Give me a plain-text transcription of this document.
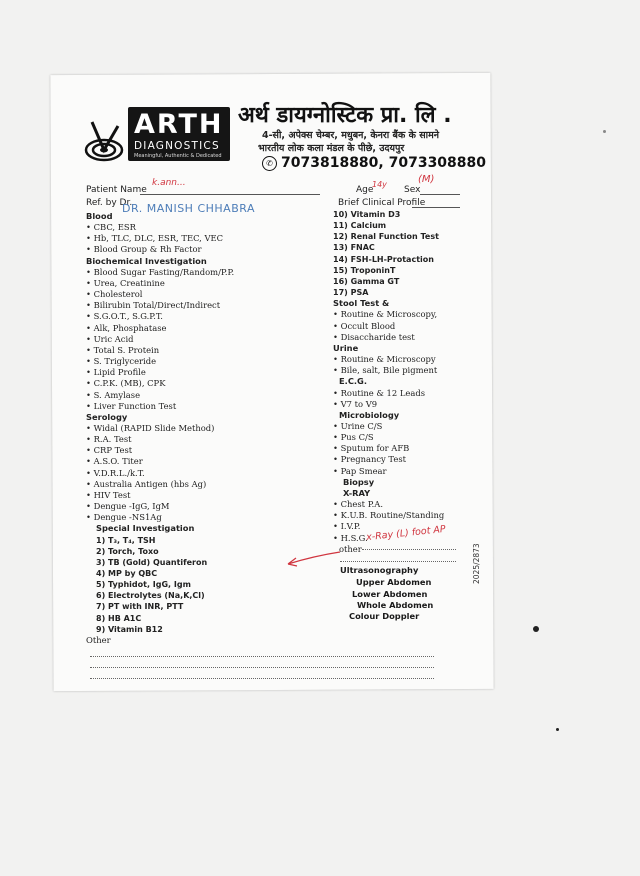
ARTH
DIAGNOSTICS
Meaningful, Authentic & Dedicated
अर्थ डायग्नोस्टिक प्रा. लि .
4-सी, अपेक्स चेम्बर, मधुबन, केनरा बैंक के सामने
भारतीय लोक कला मंडल के पीछे, उदयपुर
✆ 7073818880, 7073308880
Patient Name
k.ann...
Age
14y
Sex
(M)
Ref. by Dr.
DR. MANISH CHHABRA	Brief Clinical Profile
Blood
• CBC, ESR
• Hb, TLC, DLC, ESR, TEC, VEC
• Blood Group & Rh Factor
Biochemical Investigation
• Blood Sugar Fasting/Random/P.P.
• Urea, Creatinine
• Cholesterol
• Bilirubin Total/Direct/Indirect
• S.G.O.T., S.G.P.T.
• Alk, Phosphatase
• Uric Acid
• Total S. Protein
• S. Triglyceride
• Lipid Profile
• C.P.K. (MB), CPK
• S. Amylase
• Liver Function Test
Serology
• Widal (RAPID Slide Method)
• R.A. Test
• CRP Test
• A.S.O. Titer
• V.D.R.L./k.T.
• Australia Antigen (hbs Ag)
• HIV Test
• Dengue -IgG, IgM
• Dengue -NS1Ag
Special Investigation
1) T₃, T₄, TSH
2) Torch, Toxo
3) TB (Gold) Quantiferon
4) MP by QBC
5) Typhidot, IgG, Igm
6) Electrolytes (Na,K,Cl)
7) PT with INR, PTT
8) HB A1C
9) Vitamin B12
Other
10) Vitamin D3
11) Calcium
12) Renal Function Test
13) FNAC
14) FSH-LH-Protaction
15) TroponinT
16) Gamma GT
17) PSA
Stool Test &
• Routine & Microscopy,
• Occult Blood
• Disaccharide test
Urine
• Routine & Microscopy
• Bile, salt, Bile pigment
E.C.G.
• Routine & 12 Leads
• V7 to V9
Microbiology
• Urine C/S
• Pus C/S
• Sputum for AFB
• Pregnancy Test
• Pap Smear
Biopsy
X-RAY
• Chest P.A.
• K.U.B. Routine/Standing
• I.V.P.
• H.S.G.
other
x-Ray (L) foot AP
Ultrasonography
Upper Abdomen
Lower Abdomen
Whole Abdomen
Colour Doppler
2025/2873
